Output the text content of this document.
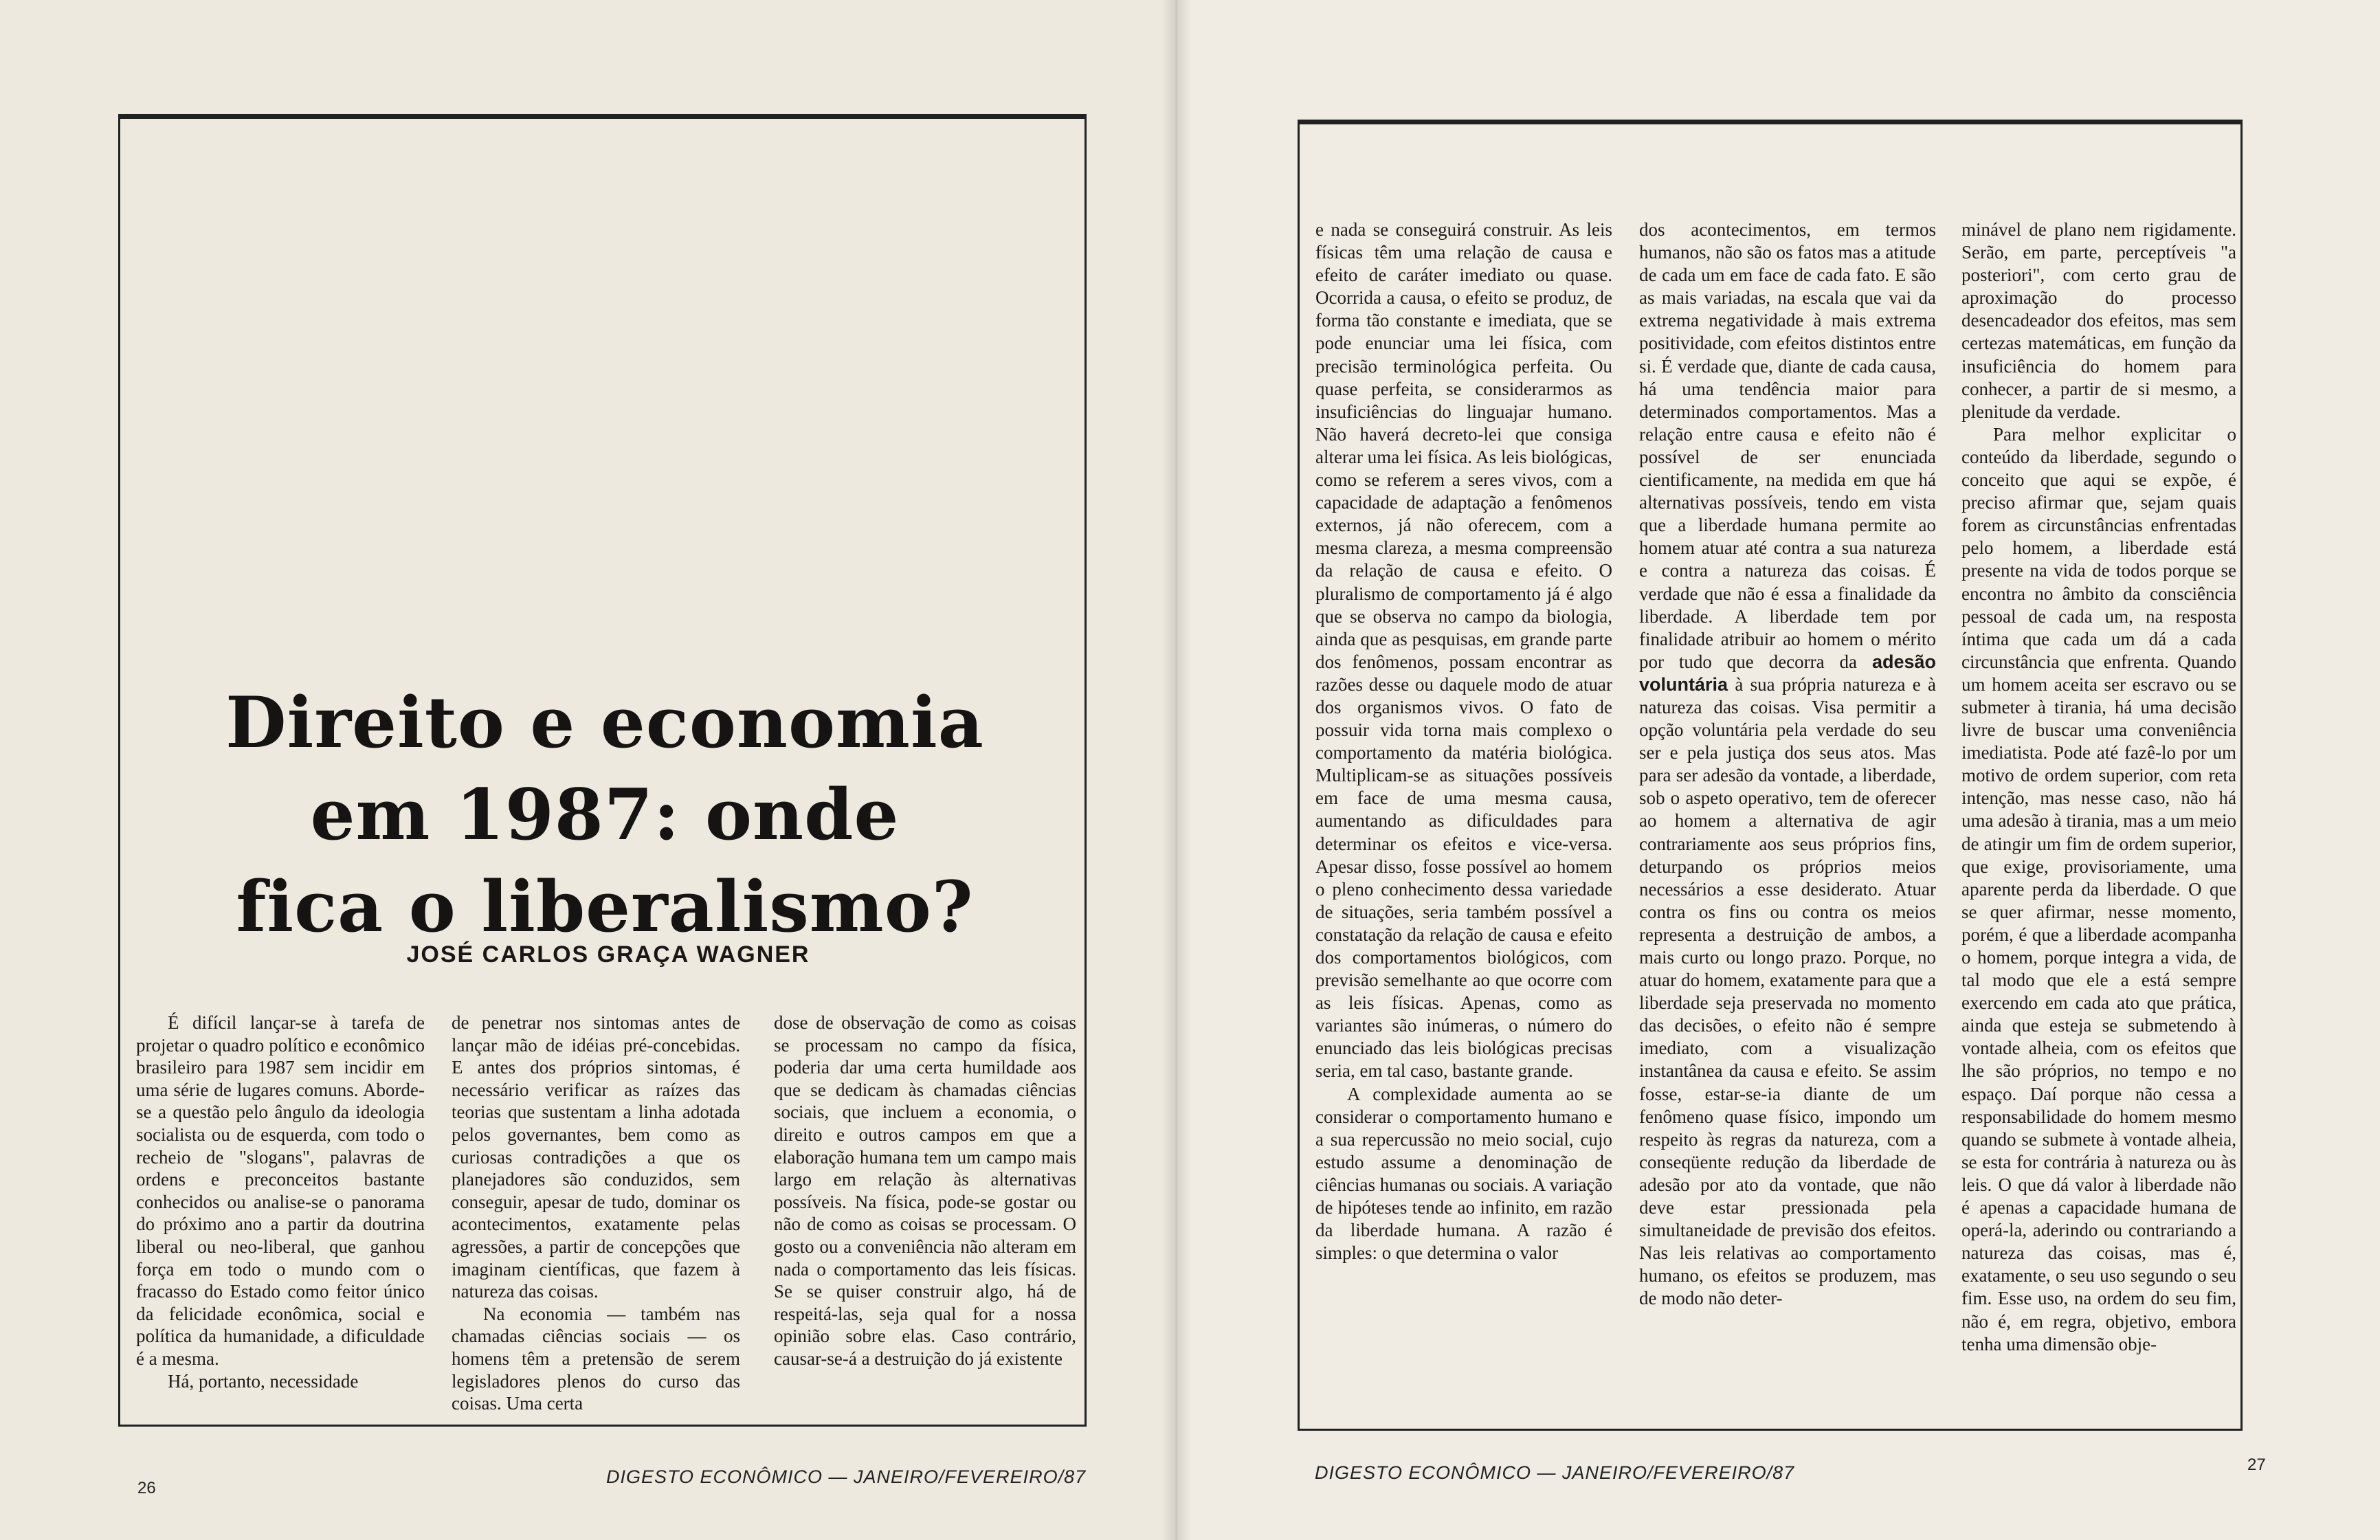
Direito e economia
em 1987: onde
fica o liberalismo?
JOSÉ CARLOS GRAÇA WAGNER

É difícil lançar-se à tarefa de projetar o quadro político e econômico brasileiro para 1987 sem incidir em uma série de lugares comuns. Aborde-se a questão pelo ângulo da ideologia socialista ou de esquerda, com todo o recheio de "slogans", palavras de ordens e preconceitos bastante conhecidos ou analise-se o panorama do próximo ano a partir da doutrina liberal ou neo-liberal, que ganhou força em todo o mundo com o fracasso do Estado como feitor único da felicidade econômica, social e política da humanidade, a dificuldade é a mesma.

Há, portanto, necessidade

de penetrar nos sintomas antes de lançar mão de idéias pré-concebidas. E antes dos próprios sintomas, é necessário verificar as raízes das teorias que sustentam a linha adotada pelos governantes, bem como as curiosas contradições a que os planejadores são conduzidos, sem conseguir, apesar de tudo, dominar os acontecimentos, exatamente pelas agressões, a partir de concepções que imaginam científicas, que fazem à natureza das coisas.

Na economia — também nas chamadas ciências sociais — os homens têm a pretensão de serem legisladores plenos do curso das coisas. Uma certa

dose de observação de como as coisas se processam no campo da física, poderia dar uma certa humildade aos que se dedicam às chamadas ciências sociais, que incluem a economia, o direito e outros campos em que a elaboração humana tem um campo mais largo em relação às alternativas possíveis. Na física, pode-se gostar ou não de como as coisas se processam. O gosto ou a conveniência não alteram em nada o comportamento das leis físicas. Se se quiser construir algo, há de respeitá-las, seja qual for a nossa opinião sobre elas. Caso contrário, causar-se-á a destruição do já existente

26
DIGESTO ECONÔMICO — JANEIRO/FEVEREIRO/87

e nada se conseguirá construir. As leis físicas têm uma relação de causa e efeito de caráter imediato ou quase. Ocorrida a causa, o efeito se produz, de forma tão constante e imediata, que se pode enunciar uma lei física, com precisão terminológica perfeita. Ou quase perfeita, se considerarmos as insuficiências do linguajar humano. Não haverá decreto-lei que consiga alterar uma lei física. As leis biológicas, como se referem a seres vivos, com a capacidade de adaptação a fenômenos externos, já não oferecem, com a mesma clareza, a mesma compreensão da relação de causa e efeito. O pluralismo de comportamento já é algo que se observa no campo da biologia, ainda que as pesquisas, em grande parte dos fenômenos, possam encontrar as razões desse ou daquele modo de atuar dos organismos vivos. O fato de possuir vida torna mais complexo o comportamento da matéria biológica. Multiplicam-se as situações possíveis em face de uma mesma causa, aumentando as dificuldades para determinar os efeitos e vice-versa. Apesar disso, fosse possível ao homem o pleno conhecimento dessa variedade de situações, seria também possível a constatação da relação de causa e efeito dos comportamentos biológicos, com previsão semelhante ao que ocorre com as leis físicas. Apenas, como as variantes são inúmeras, o número do enunciado das leis biológicas precisas seria, em tal caso, bastante grande.

A complexidade aumenta ao se considerar o comportamento humano e a sua repercussão no meio social, cujo estudo assume a denominação de ciências humanas ou sociais. A variação de hipóteses tende ao infinito, em razão da liberdade humana. A razão é simples: o que determina o valor

dos acontecimentos, em termos humanos, não são os fatos mas a atitude de cada um em face de cada fato. E são as mais variadas, na escala que vai da extrema negatividade à mais extrema positividade, com efeitos distintos entre si. É verdade que, diante de cada causa, há uma tendência maior para determinados comportamentos. Mas a relação entre causa e efeito não é possível de ser enunciada cientificamente, na medida em que há alternativas possíveis, tendo em vista que a liberdade humana permite ao homem atuar até contra a sua natureza e contra a natureza das coisas. É verdade que não é essa a finalidade da liberdade. A liberdade tem por finalidade atribuir ao homem o mérito por tudo que decorra da adesão voluntária à sua própria natureza e à natureza das coisas. Visa permitir a opção voluntária pela verdade do seu ser e pela justiça dos seus atos. Mas para ser adesão da vontade, a liberdade, sob o aspeto operativo, tem de oferecer ao homem a alternativa de agir contrariamente aos seus próprios fins, deturpando os próprios meios necessários a esse desiderato. Atuar contra os fins ou contra os meios representa a destruição de ambos, a mais curto ou longo prazo. Porque, no atuar do homem, exatamente para que a liberdade seja preservada no momento das decisões, o efeito não é sempre imediato, com a visualização instantânea da causa e efeito. Se assim fosse, estar-se-ia diante de um fenômeno quase físico, impondo um respeito às regras da natureza, com a conseqüente redução da liberdade de adesão por ato da vontade, que não deve estar pressionada pela simultaneidade de previsão dos efeitos. Nas leis relativas ao comportamento humano, os efeitos se produzem, mas de modo não deter-

minável de plano nem rigidamente. Serão, em parte, perceptíveis "a posteriori", com certo grau de aproximação do processo desencadeador dos efeitos, mas sem certezas matemáticas, em função da insuficiência do homem para conhecer, a partir de si mesmo, a plenitude da verdade.

Para melhor explicitar o conteúdo da liberdade, segundo o conceito que aqui se expõe, é preciso afirmar que, sejam quais forem as circunstâncias enfrentadas pelo homem, a liberdade está presente na vida de todos porque se encontra no âmbito da consciência pessoal de cada um, na resposta íntima que cada um dá a cada circunstância que enfrenta. Quando um homem aceita ser escravo ou se submeter à tirania, há uma decisão livre de buscar uma conveniência imediatista. Pode até fazê-lo por um motivo de ordem superior, com reta intenção, mas nesse caso, não há uma adesão à tirania, mas a um meio de atingir um fim de ordem superior, que exige, provisoriamente, uma aparente perda da liberdade. O que se quer afirmar, nesse momento, porém, é que a liberdade acompanha o homem, porque integra a vida, de tal modo que ele a está sempre exercendo em cada ato que prática, ainda que esteja se submetendo à vontade alheia, com os efeitos que lhe são próprios, no tempo e no espaço. Daí porque não cessa a responsabilidade do homem mesmo quando se submete à vontade alheia, se esta for contrária à natureza ou às leis. O que dá valor à liberdade não é apenas a capacidade humana de operá-la, aderindo ou contrariando a natureza das coisas, mas é, exatamente, o seu uso segundo o seu fim. Esse uso, na ordem do seu fim, não é, em regra, objetivo, embora tenha uma dimensão obje-

27
DIGESTO ECONÔMICO — JANEIRO/FEVEREIRO/87
